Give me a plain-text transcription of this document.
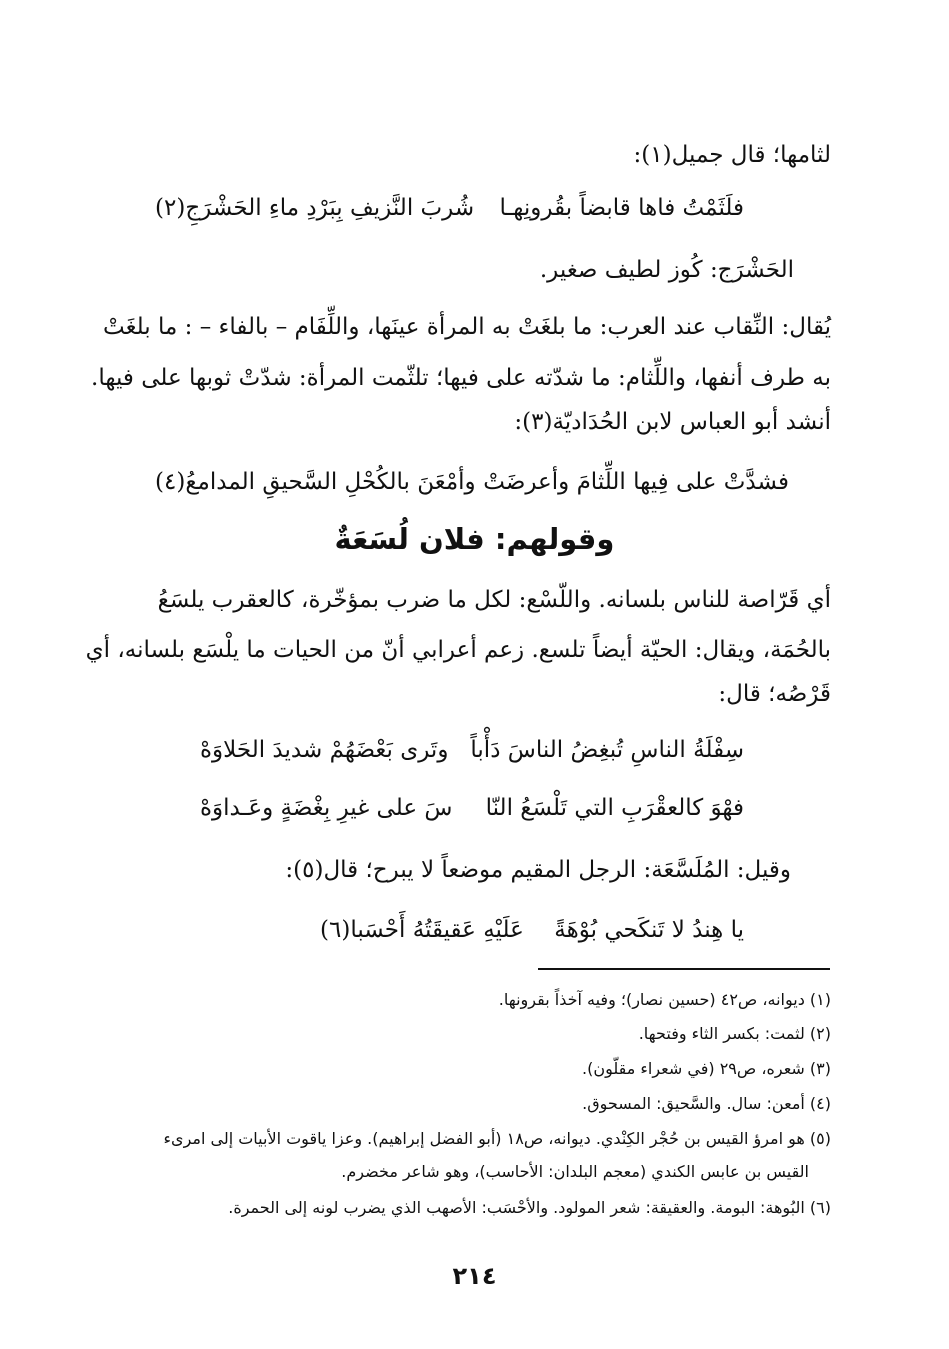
لثامها؛ قال جميل(١):
فلَثَمْتُ فاها قابضاً بقُرونِهـا
شُربَ النَّزيفِ بِبَرْدِ ماءِ الحَشْرَجِ(٢)
الحَشْرَج: كُوز لطيف صغير.
يُقال: النِّقاب عند العرب: ما بلغَتْ به المرأة عينَها، واللِّفَام – بالفاء – : ما بلغَتْ
به طرف أنفها، واللِّثام: ما شدّته على فيها؛ تلثّمت المرأة: شدّتْ ثوبها على فيها.
أنشد أبو العباس لابن الحُدَاديّة(٣):
فشدَّتْ على فِيها اللِّثامَ وأعرضَتْ
وأمْعَنَ بالكُحْلِ السَّحيقِ المدامعُ(٤)
وقولهم: فلان لُسَعَةٌ
أي قَرّاصة للناس بلسانه. واللّسْع: لكل ما ضرب بمؤخّرة، كالعقرب يلسَعُ
بالحُمَة، ويقال: الحيّة أيضاً تلسع. زعم أعرابي أنّ من الحيات ما يلْسَع بلسانه، أي
قَرْصُه؛ قال:
سِفْلَةُ الناسِ تُبغِضُ الناسَ دَأْباً
وتَرى بَعْضَهُمْ شديدَ الحَلاوَهْ
فهْوَ كالعقْرَبِ التي تَلْسَعُ النّا
سَ على غيرِ بِغْضَةٍ وعَـداوَهْ
وقيل: المُلَسَّعَة: الرجل المقيم موضعاً لا يبرح؛ قال(٥):
يا هِندُ لا تَنكَحي بُوْهَةً
عَلَيْهِ عَقيقَتُهُ أَحْسَبا(٦)
(١) ديوانه، ص٤٢ (حسين نصار)؛ وفيه آخذاً بقرونها.
(٢) لثمت: بكسر الثاء وفتحها.
(٣) شعره، ص٢٩ (في شعراء مقلّون).
(٤) أمعن: سال. والسَّحيق: المسحوق.
(٥) هو امرؤ القيس بن حُجْر الكِنْدي. ديوانه، ص١٨ (أبو الفضل إبراهيم). وعزا ياقوت الأبيات إلى امرىء
القيس بن عابس الكندي (معجم البلدان: الأحاسب)، وهو شاعر مخضرم.
(٦) البُوهة: البومة. والعقيقة: شعر المولود. والأحْسَب: الأصهب الذي يضرب لونه إلى الحمرة.
٢١٤
